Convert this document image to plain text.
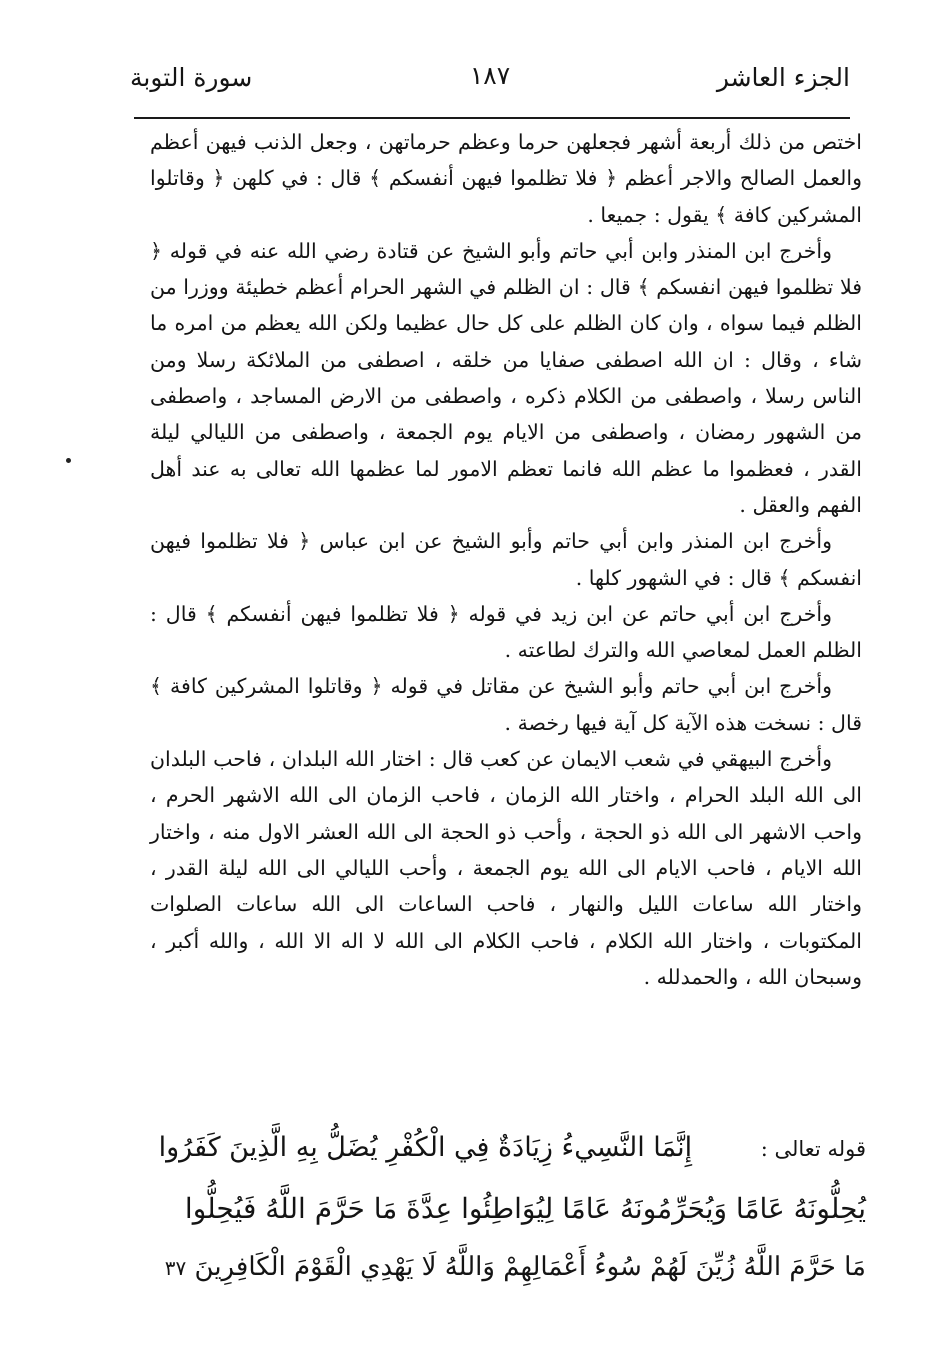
الجزء العاشر
١٨٧
سورة التوبة

اختص من ذلك أربعة أشهر فجعلهن حرما وعظم حرماتهن ، وجعل الذنب فيهن أعظم والعمل الصالح والاجر أعظم ﴿ فلا تظلموا فيهن أنفسكم ﴾ قال : في كلهن ﴿ وقاتلوا المشركين كافة ﴾ يقول : جميعا .

وأخرج ابن المنذر وابن أبي حاتم وأبو الشيخ عن قتادة رضي الله عنه في قوله ﴿ فلا تظلموا فيهن انفسكم ﴾ قال : ان الظلم في الشهر الحرام أعظم خطيئة ووزرا من الظلم فيما سواه ، وان كان الظلم على كل حال عظيما ولكن الله يعظم من امره ما شاء ، وقال : ان الله اصطفى صفايا من خلقه ، اصطفى من الملائكة رسلا ومن الناس رسلا ، واصطفى من الكلام ذكره ، واصطفى من الارض المساجد ، واصطفى من الشهور رمضان ، واصطفى من الايام يوم الجمعة ، واصطفى من الليالي ليلة القدر ، فعظموا ما عظم الله فانما تعظم الامور لما عظمها الله تعالى به عند أهل الفهم والعقل .

وأخرج ابن المنذر وابن أبي حاتم وأبو الشيخ عن ابن عباس ﴿ فلا تظلموا فيهن انفسكم ﴾ قال : في الشهور كلها .

وأخرج ابن أبي حاتم عن ابن زيد في قوله ﴿ فلا تظلموا فيهن أنفسكم ﴾ قال : الظلم العمل لمعاصي الله والترك لطاعته .

وأخرج ابن أبي حاتم وأبو الشيخ عن مقاتل في قوله ﴿ وقاتلوا المشركين كافة ﴾ قال : نسخت هذه الآية كل آية فيها رخصة .

وأخرج البيهقي في شعب الايمان عن كعب قال : اختار الله البلدان ، فاحب البلدان الى الله البلد الحرام ، واختار الله الزمان ، فاحب الزمان الى الله الاشهر الحرم ، واحب الاشهر الى الله ذو الحجة ، وأحب ذو الحجة الى الله العشر الاول منه ، واختار الله الايام ، فاحب الايام الى الله يوم الجمعة ، وأحب الليالي الى الله ليلة القدر ، واختار الله ساعات الليل والنهار ، فاحب الساعات الى الله ساعات الصلوات المكتوبات ، واختار الله الكلام ، فاحب الكلام الى الله لا اله الا الله ، والله أكبر ، وسبحان الله ، والحمدلله .

قوله تعالى : إِنَّمَا النَّسِيءُ زِيَادَةٌ فِي الْكُفْرِ يُضَلُّ بِهِ الَّذِينَ كَفَرُوا
يُحِلُّونَهُ عَامًا وَيُحَرِّمُونَهُ عَامًا لِيُوَاطِئُوا عِدَّةَ مَا حَرَّمَ اللَّهُ فَيُحِلُّوا
مَا حَرَّمَ اللَّهُ زُيِّنَ لَهُمْ سُوءُ أَعْمَالِهِمْ وَاللَّهُ لَا يَهْدِي الْقَوْمَ الْكَافِرِينَ ٣٧
